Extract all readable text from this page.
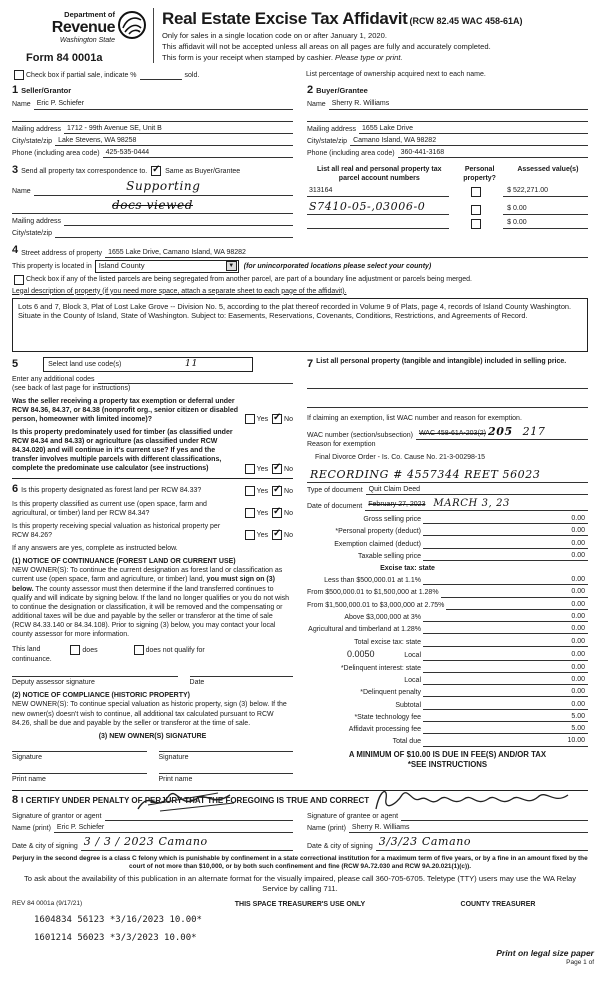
Department of
Revenue
Washington State
Form 84 0001a
Real Estate Excise Tax Affidavit (RCW 82.45 WAC 458-61A)
Only for sales in a single location code on or after January 1, 2020.
This affidavit will not be accepted unless all areas on all pages are fully and accurately completed.
This form is your receipt when stamped by cashier. Please type or print.
Check box if partial sale, indicate %	sold.	List percentage of ownership acquired next to each name.
1 Seller/Grantor
Name Eric P. Schiefer
Mailing address 1712 - 99th Avenue SE, Unit B
City/state/zip Lake Stevens, WA 98258
Phone (including area code) 425-535-0444
2 Buyer/Grantee
Name Sherry R. Williams
Mailing address 1655 Lake Drive
City/state/zip Camano Island, WA 98282
Phone (including area code) 360-441-3168
3 Send all property tax correspondence to. ✓	Same as Buyer/Grantee
Name	Supporting
docs viewed
Mailing address
City/state/zip
List all real and personal property tax parcel account numbers
Personal property?
Assessed value(s)
313164	$ 522,271.00
S7410-05-,03006-0	$ 0.00
$ 0.00
4 Street address of property 1655 Lake Drive, Camano Island, WA 98282
This property is located in Island County	▼	(for unincorporated locations please select your county)
Check box if any of the listed parcels are being segregated from another parcel, are part of a boundary line adjustment or parcels being merged.
Legal description of property (if you need more space, attach a separate sheet to each page of the affidavit).
Lots 6 and 7, Block 3, Plat of Lost Lake Grove -- Division No. 5, according to the plat thereof recorded in Volume 9 of Plats, page 4, records of Island County Washington. Situate in the County of Island, State of Washington. Subject to: Easements, Reservations, Covenants, Conditions, Restrictions, and Agreements of Record.
5	Select land use code(s)	11
Enter any additional codes
(see back of last page for instructions)
Was the seller receiving a property tax exemption or deferral under RCW 84.36, 84.37, or 84.38 (nonprofit org., senior citizen or disabled person, homeowner with limited income)?	Yes ✓ No
Is this property predominately used for timber (as classified under RCW 84.34 and 84.33) or agriculture (as classified under RCW 84.34.020) and will continue in it's current use? If yes and the transfer involves multiple parcels with different classifications, complete the predominate use calculator (see instructions)	Yes ✓ No
6 Is this property designated as forest land per RCW 84.33?	Yes ✓ No
Is this property classified as current use (open space, farm and agricultural, or timber) land per RCW 84.34?	Yes ✓ No
Is this property receiving special valuation as historical property per RCW 84.26?	Yes ✓ No
If any answers are yes, complete as instructed below.
(1) NOTICE OF CONTINUANCE (FOREST LAND OR CURRENT USE)
NEW OWNER(S): To continue the current designation as forest land or classification as current use (open space, farm and agriculture, or timber) land, you must sign on (3) below. The county assessor must then determine if the land transferred continues to qualify and will indicate by signing below. If the land no longer qualifies or you do not wish to continue the designation or classification, it will be removed and the compensating or additional taxes will be due and payable by the seller or transferor at the time of sale (RCW 84.33.140 or 84.34.108). Prior to signing (3) below, you may contact your local county assessor for more information.
This land	does	does not qualify for
continuance.
Deputy assessor signature	Date
(2) NOTICE OF COMPLIANCE (HISTORIC PROPERTY)
NEW OWNER(S): To continue special valuation as historic property, sign (3) below. If the new owner(s) doesn't wish to continue, all additional tax calculated pursuant to RCW 84.26, shall be due and payable by the seller or transferor at the time of sale.
(3) NEW OWNER(S) SIGNATURE
Signature	Signature
Print name	Print name
7 List all personal property (tangible and intangible) included in selling price.
If claiming an exemption, list WAC number and reason for exemption.
WAC number (section/subsection) WAC 458-61A-203(2) 205 217
Reason for exemption
Final Divorce Order - Is. Co. Cause No. 21-3-00298-15
RECORDING # 4557344 REET 56023
Type of document Quit Claim Deed
Date of document February 27, 2023 MARCH 3, 23
Gross selling price	0.00
*Personal property (deduct)	0.00
Exemption claimed (deduct)	0.00
Taxable selling price	0.00
Excise tax: state
Less than $500,000.01 at 1.1%	0.00
From $500,000.01 to $1,500,000 at 1.28%	0.00
From $1,500,000.01 to $3,000,000 at 2.75%	0.00
Above $3,000,000 at 3%	0.00
Agricultural and timberland at 1.28%	0.00
Total excise tax: state	0.00
0.0050	Local	0.00
*Delinquent interest: state	0.00
Local	0.00
*Delinquent penalty	0.00
Subtotal	0.00
*State technology fee	5.00
Affidavit processing fee	5.00
Total due	10.00
A MINIMUM OF $10.00 IS DUE IN FEE(S) AND/OR TAX
*SEE INSTRUCTIONS
8 I CERTIFY UNDER PENALTY OF PERJURY THAT THE FOREGOING IS TRUE AND CORRECT
Signature of grantor or agent
Name (print) Eric P. Schiefer
Date & city of signing 3 / 3 / 2023 Camano
Signature of grantee or agent
Name (print) Sherry R. Williams
Date & city of signing 3/3/23 Camano
Perjury in the second degree is a class C felony which is punishable by confinement in a state correctional institution for a maximum term of five years, or by a fine in an amount fixed by the court of not more than $10,000, or by both such confinement and fine (RCW 9A.72.030 and RCW 9A.20.021(1)(c)).
To ask about the availability of this publication in an alternate format for the visually impaired, please call 360-705-6705. Teletype (TTY) users may use the WA Relay Service by calling 711.
REV 84 0001a (9/17/21)	THIS SPACE TREASURER'S USE ONLY	COUNTY TREASURER
1604834 56123 *3/16/2023 10.00*
1601214 56023 *3/3/2023 10.00*
Print on legal size paper
Page 1 of
